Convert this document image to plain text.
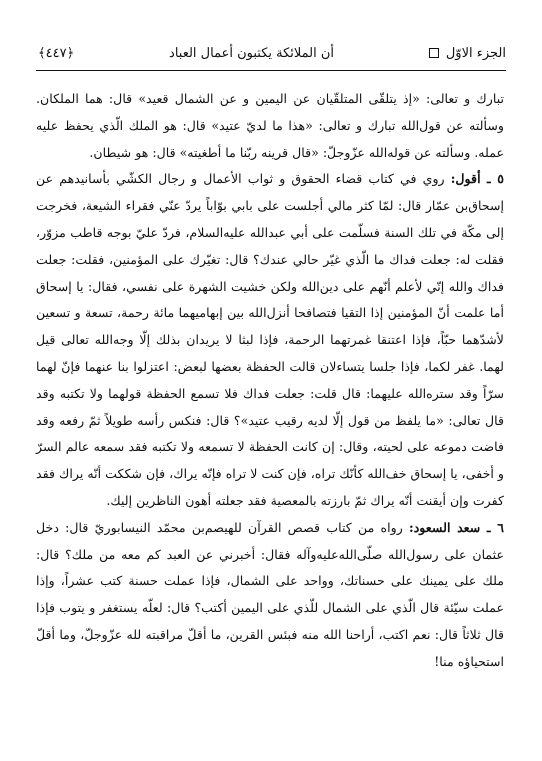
الجزء الاوّل
أن الملائكة يكتبون أعمال العباد
﴿٤٤٧﴾

تبارك و تعالى: «إذ يتلقّى المتلقّيان عن اليمين و عن الشمال قعيد» قال: هما الملكان. وسألته عن قول‌الله تبارك و تعالى: «هذا ما لديّ عتيد» قال: هو الملك الّذي يحفظ عليه عمله. وسألته عن قوله‌الله عزّوجلّ: «قال قرينه ربّنا ما أطغيته» قال: هو شيطان.

٥ ـ أقول: روي في كتاب قضاء الحقوق و ثواب الأعمال و رجال الكشّي بأسانيدهم عن إسحاق‌بن عمّار قال: لمّا كثر مالي أجلست على بابي بوّاباً يردّ عنّي فقراء الشيعة، فخرجت إلى مكّة في تلك السنة فسلّمت على أبي عبدالله عليه‌السلام، فردّ عليّ بوجه قاطب مزوّر، فقلت له: جعلت فداك ما الّذي غيّر حالي عندك؟ قال: تغيّرك على المؤمنين، فقلت: جعلت فداك والله إنّي لأعلم أنّهم على دين‌الله ولكن خشيت الشهرة على نفسي، فقال: يا إسحاق أما علمت أنّ المؤمنين إذا التقيا فتصافحا أنزل‌الله بين إبهاميهما مائة رحمة، تسعة و تسعين لأشدّهما حبّاً، فإذا اعتنقا غمرتهما الرحمة، فإذا لبثا لا يريدان بذلك إلّا وجه‌الله تعالى قيل لهما. غفر لكما، فإذا جلسا يتساءلان قالت الحفظة بعضها لبعض: اعتزلوا بنا عنهما فإنّ لهما سرّاً وقد ستره‌الله عليهما: قال قلت: جعلت فداك فلا تسمع الحفظة قولهما ولا تكتبه وقد قال تعالى: «ما يلفظ من قول إلّا لديه رقيب عتيد»؟ قال: فنكس رأسه طويلاً ثمّ رفعه وقد فاضت دموعه على لحيته، وقال: إن كانت الحفظة لا تسمعه ولا تكتبه فقد سمعه عالم السرّ و أخفى، يا إسحاق خف‌الله كأنّك تراه، فإن كنت لا تراه فإنّه يراك، فإن شككت أنّه يراك فقد كفرت وإن أيقنت أنّه يراك ثمّ بارزته بالمعصية فقد جعلته أهون الناظرين إليك.

٦ ـ سعد السعود: رواه من كتاب قصص القرآن للهيصم‌بن محمّد النيسابوريّ قال: دخل عثمان على رسول‌الله صلّی‌الله‌عليه‌وآله فقال: أخبرني عن العبد كم معه من ملك؟ قال: ملك على يمينك على حسناتك، وواحد على الشمال، فإذا عملت حسنة كتب عشراً، وإذا عملت سيّئة قال الّذي على الشمال للّذي على اليمين أكتب؟ قال: لعلّه يستغفر و يتوب فإذا قال ثلاثاً قال: نعم اكتب، أراحنا الله منه فبئس القرين، ما أقلّ مراقبته لله عزّوجلّ، وما أقلّ استحياؤه منا!
